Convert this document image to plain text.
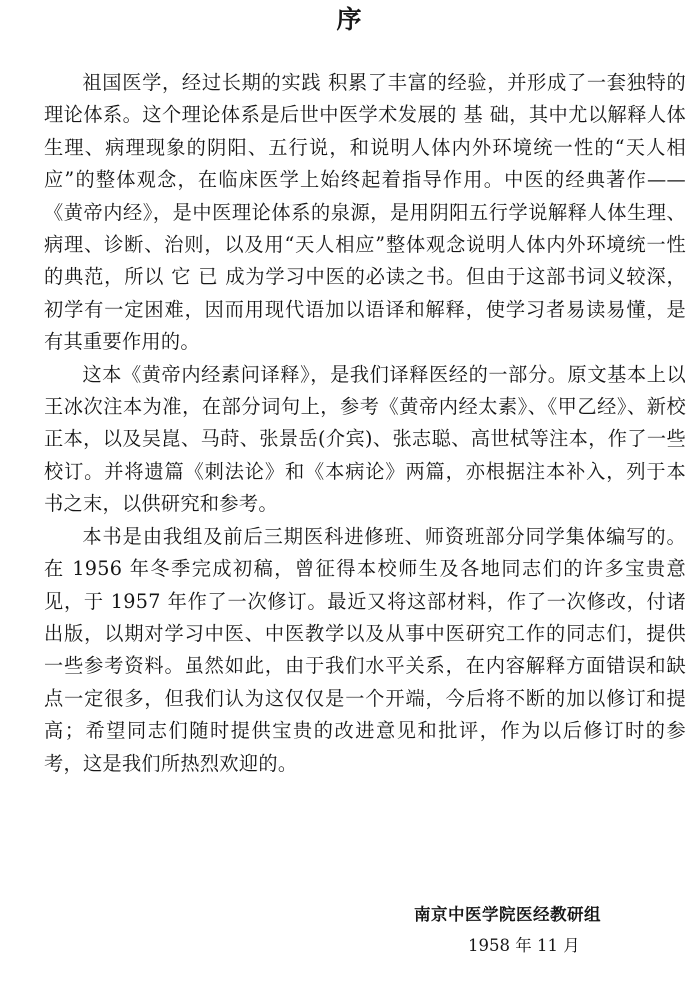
序

祖国医学，经过长期的实践 积累了丰富的经验，并形成了一套独特的理论体系。这个理论体系是后世中医学术发展的 基 础，其中尤以解释人体生理、病理现象的阴阳、五行说，和说明人体内外环境统一性的“天人相应”的整体观念，在临床医学上始终起着指导作用。中医的经典著作——《黄帝内经》，是中医理论体系的泉源，是用阴阳五行学说解释人体生理、病理、诊断、治则，以及用“天人相应”整体观念说明人体内外环境统一性的典范，所以 它 已 成为学习中医的必读之书。但由于这部书词义较深，初学有一定困难，因而用现代语加以语译和解释，使学习者易读易懂，是有其重要作用的。

这本《黄帝内经素问译释》，是我们译释医经的一部分。原文基本上以王冰次注本为准，在部分词句上，参考《黄帝内经太素》、《甲乙经》、新校正本，以及吴崑、马莳、张景岳(介宾)、张志聪、高世栻等注本，作了一些校订。并将遗篇《刺法论》和《本病论》两篇，亦根据注本补入，列于本书之末，以供研究和参考。

本书是由我组及前后三期医科进修班、师资班部分同学集体编写的。在 1956 年冬季完成初稿，曾征得本校师生及各地同志们的许多宝贵意见，于 1957 年作了一次修订。最近又将这部材料，作了一次修改，付诸出版，以期对学习中医、中医教学以及从事中医研究工作的同志们，提供一些参考资料。虽然如此，由于我们水平关系，在内容解释方面错误和缺点一定很多，但我们认为这仅仅是一个开端，今后将不断的加以修订和提高；希望同志们随时提供宝贵的改进意见和批评，作为以后修订时的参考，这是我们所热烈欢迎的。

南京中医学院医经教研组
1958 年 11 月
